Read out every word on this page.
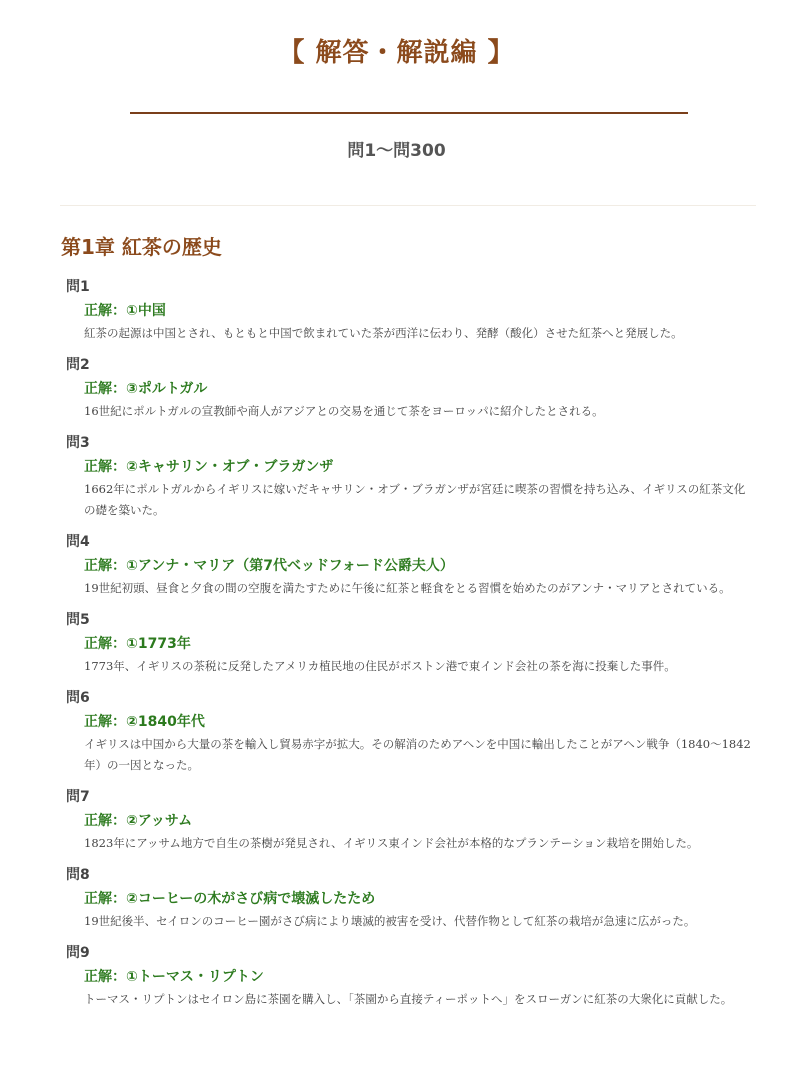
【 解答・解説編 】
問1〜問300
第1章 紅茶の歴史
問1
正解：①中国
紅茶の起源は中国とされ、もともと中国で飲まれていた茶が西洋に伝わり、発酵（酸化）させた紅茶へと発展した。
問2
正解：③ポルトガル
16世紀にポルトガルの宣教師や商人がアジアとの交易を通じて茶をヨーロッパに紹介したとされる。
問3
正解：②キャサリン・オブ・ブラガンザ
1662年にポルトガルからイギリスに嫁いだキャサリン・オブ・ブラガンザが宮廷に喫茶の習慣を持ち込み、イギリスの紅茶文化の礎を築いた。
問4
正解：①アンナ・マリア（第7代ベッドフォード公爵夫人）
19世紀初頭、昼食と夕食の間の空腹を満たすために午後に紅茶と軽食をとる習慣を始めたのがアンナ・マリアとされている。
問5
正解：①1773年
1773年、イギリスの茶税に反発したアメリカ植民地の住民がボストン港で東インド会社の茶を海に投棄した事件。
問6
正解：②1840年代
イギリスは中国から大量の茶を輸入し貿易赤字が拡大。その解消のためアヘンを中国に輸出したことがアヘン戦争（1840〜1842年）の一因となった。
問7
正解：②アッサム
1823年にアッサム地方で自生の茶樹が発見され、イギリス東インド会社が本格的なプランテーション栽培を開始した。
問8
正解：②コーヒーの木がさび病で壊滅したため
19世紀後半、セイロンのコーヒー園がさび病により壊滅的被害を受け、代替作物として紅茶の栽培が急速に広がった。
問9
正解：①トーマス・リプトン
トーマス・リプトンはセイロン島に茶園を購入し、「茶園から直接ティーポットへ」をスローガンに紅茶の大衆化に貢献した。
